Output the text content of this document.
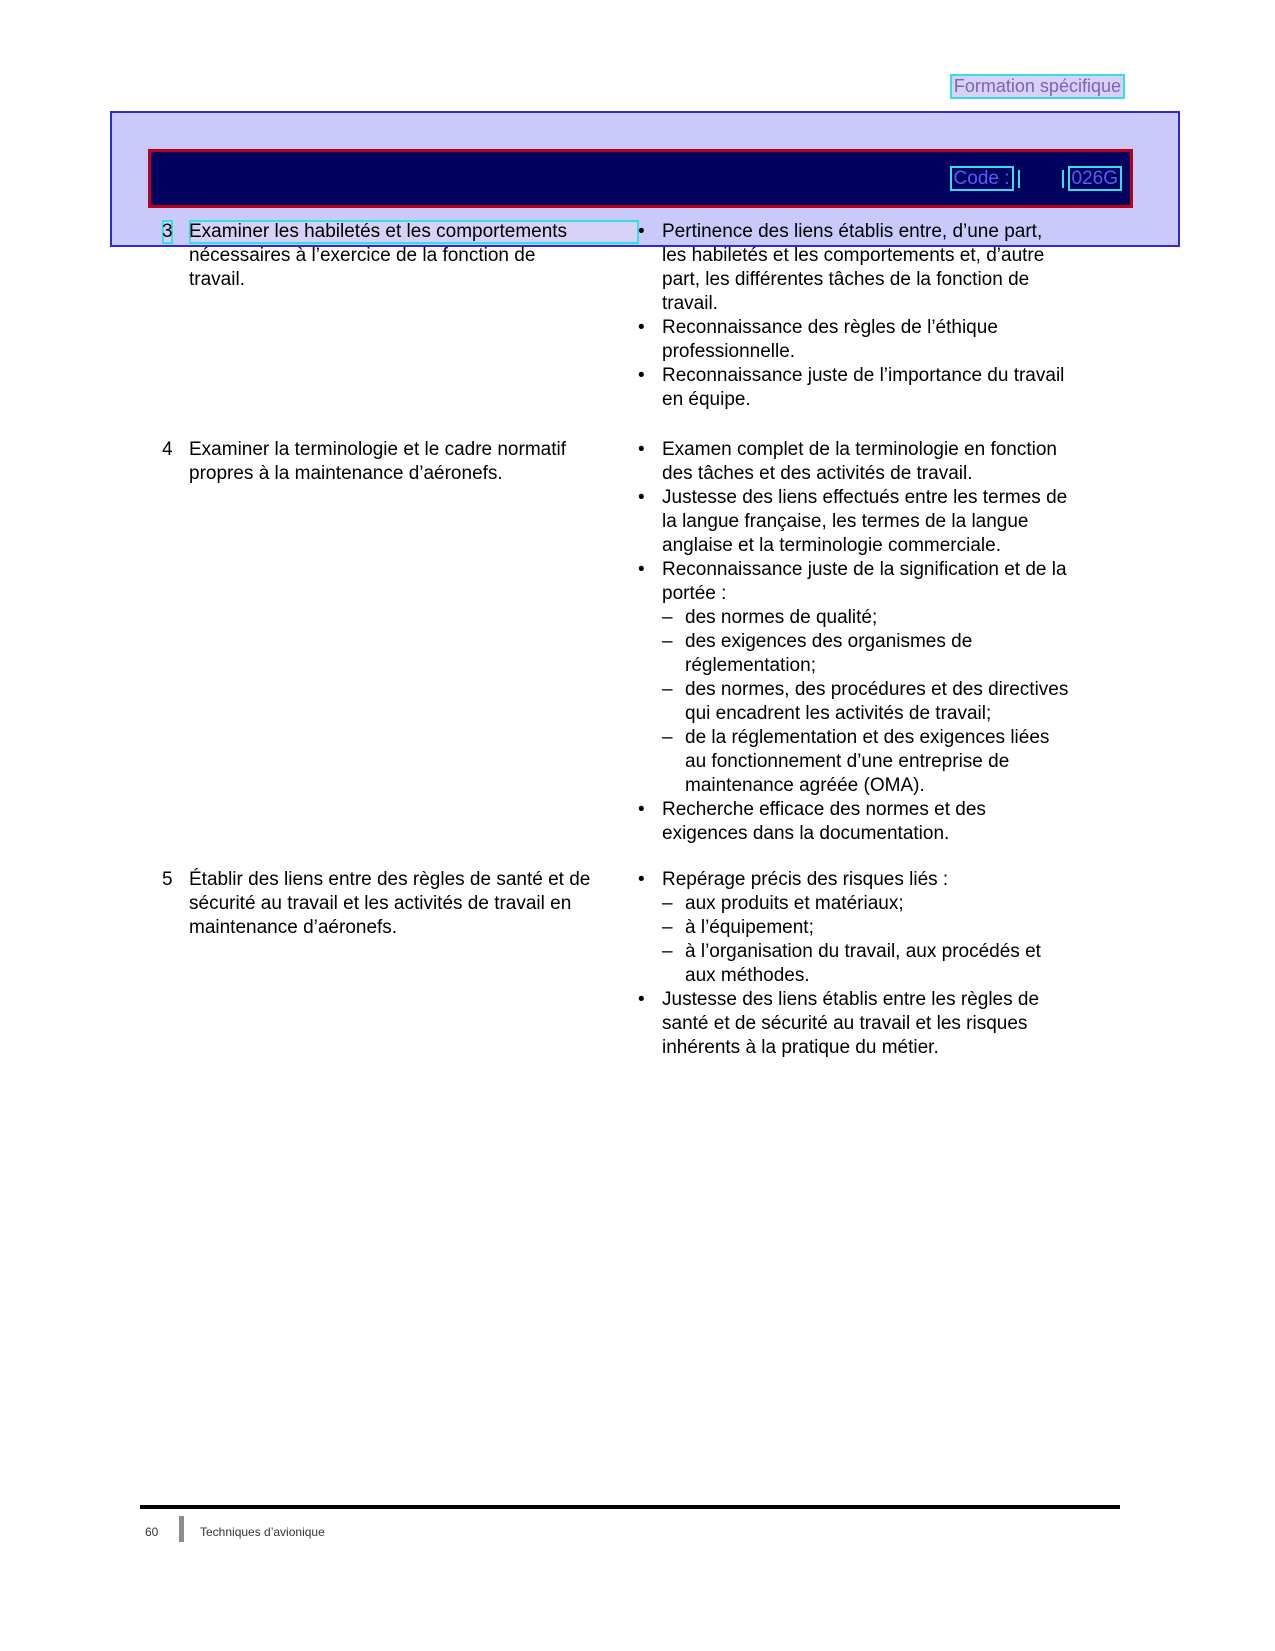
Formation spécifique
Code :	026G
3 Examiner les habiletés et les comportements
nécessaires à l’exercice de la fonction de
travail.
• Pertinence des liens établis entre, d’une part,
les habiletés et les comportements et, d’autre
part, les différentes tâches de la fonction de
travail.
• Reconnaissance des règles de l’éthique
professionnelle.
• Reconnaissance juste de l’importance du travail
en équipe.
4 Examiner la terminologie et le cadre normatif
propres à la maintenance d’aéronefs.
• Examen complet de la terminologie en fonction
des tâches et des activités de travail.
• Justesse des liens effectués entre les termes de
la langue française, les termes de la langue
anglaise et la terminologie commerciale.
• Reconnaissance juste de la signification et de la
portée :
– des normes de qualité;
– des exigences des organismes de
réglementation;
– des normes, des procédures et des directives
qui encadrent les activités de travail;
– de la réglementation et des exigences liées
au fonctionnement d’une entreprise de
maintenance agréée (OMA).
• Recherche efficace des normes et des
exigences dans la documentation.
5 Établir des liens entre des règles de santé et de
sécurité au travail et les activités de travail en
maintenance d’aéronefs.
• Repérage précis des risques liés :
– aux produits et matériaux;
– à l’équipement;
– à l’organisation du travail, aux procédés et
aux méthodes.
• Justesse des liens établis entre les règles de
santé et de sécurité au travail et les risques
inhérents à la pratique du métier.
60	Techniques d’avionique
